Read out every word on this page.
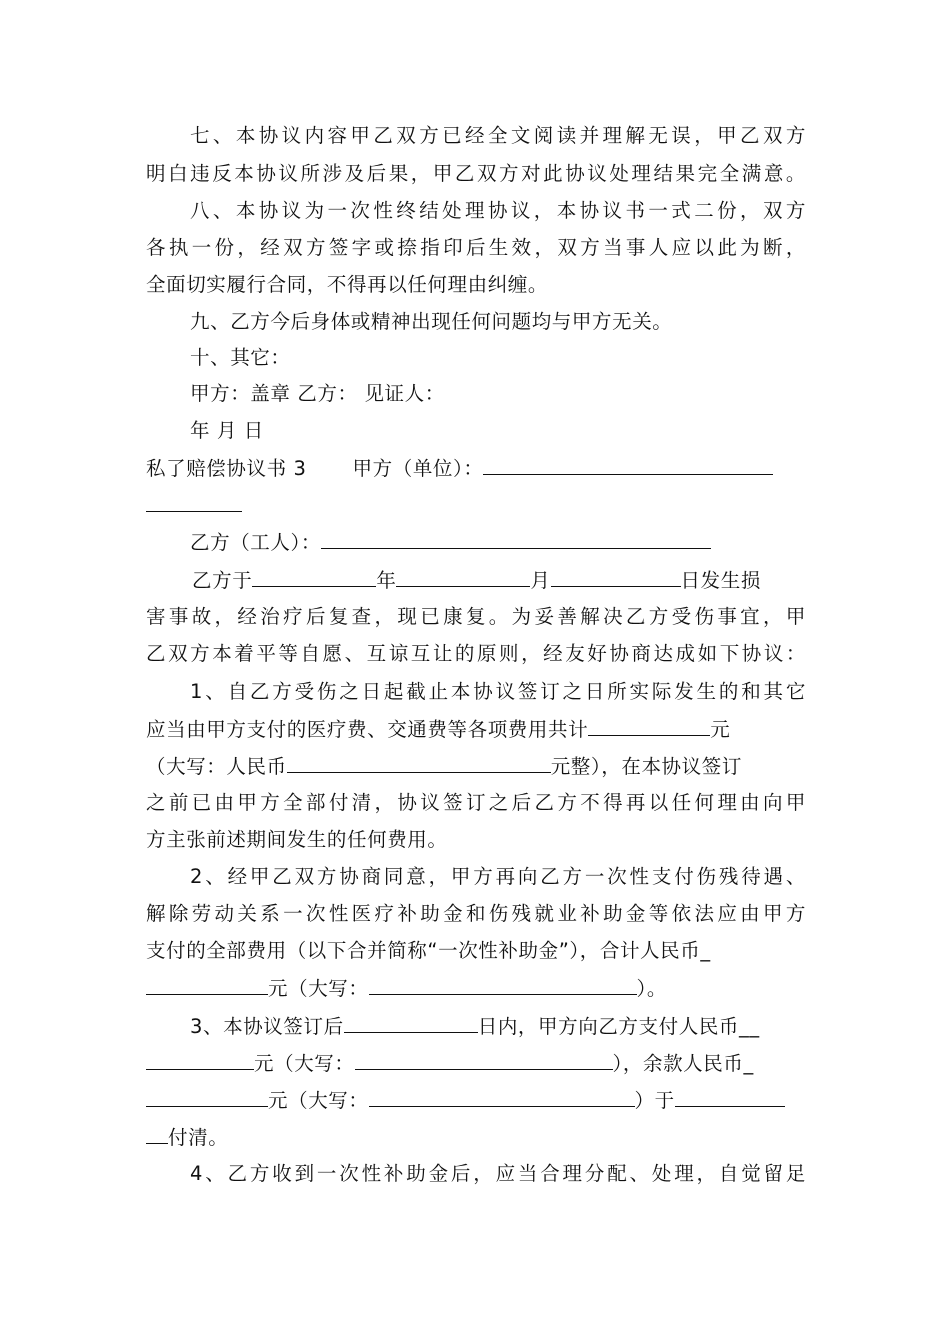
七、本协议内容甲乙双方已经全文阅读并理解无误，甲乙双方
明白违反本协议所涉及后果，甲乙双方对此协议处理结果完全满意。
八、本协议为一次性终结处理协议，本协议书一式二份，双方
各执一份，经双方签字或捺指印后生效，双方当事人应以此为断，
全面切实履行合同，不得再以任何理由纠缠。
九、乙方今后身体或精神出现任何问题均与甲方无关。
十、其它：
甲方：盖章 乙方： 见证人：
年 月 日
私了赔偿协议书 3 甲方（单位）：
乙方（工人）：
乙方于	年	月	日发生损
害事故，经治疗后复查，现已康复。为妥善解决乙方受伤事宜，甲
乙双方本着平等自愿、互谅互让的原则，经友好协商达成如下协议：
1、自乙方受伤之日起截止本协议签订之日所实际发生的和其它
应当由甲方支付的医疗费、交通费等各项费用共计	元
（大写：人民币	元整），在本协议签订
之前已由甲方全部付清，协议签订之后乙方不得再以任何理由向甲
方主张前述期间发生的任何费用。
2、经甲乙双方协商同意，甲方再向乙方一次性支付伤残待遇、
解除劳动关系一次性医疗补助金和伤残就业补助金等依法应由甲方
支付的全部费用（以下合并简称“一次性补助金”），合计人民币_
元（大写：	）。
3、本协议签订后	日内，甲方向乙方支付人民币__
元（大写：	），余款人民币_
元（大写：	）于
付清。
4、乙方收到一次性补助金后，应当合理分配、处理，自觉留足
